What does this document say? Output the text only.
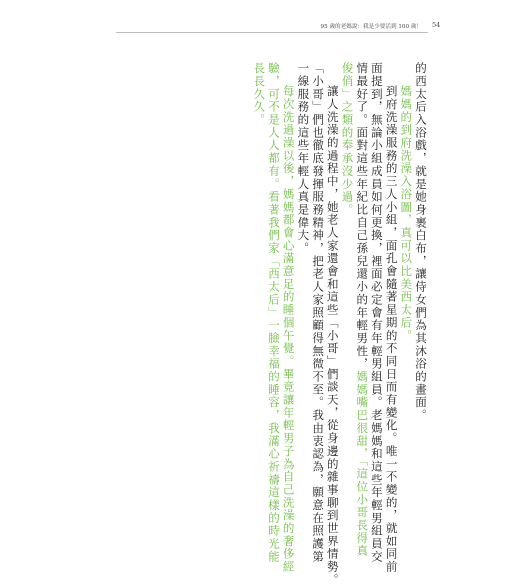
95 歲的老媽說：我是少要活到 100 歲！ 54
的西太后入浴戲，就是她身裹白布，讓侍女們為其沐浴的畫面。
媽媽的到府洗澡入浴圖，真可以比美西太后。
到府洗澡服務的三人小組，面孔會隨著星期的不同日而有變化。唯一不變的，就如同前
面提到，無論小組成員如何更換，裡面必定會有年輕男組員。老媽媽和這些年輕男組員交
情最好了。面對這些年紀比自己孫兒還小的年輕男性，媽媽嘴巴很甜，「這位小哥長得真
俊俏」之類的奉承沒少過。
讓人洗澡的過程中，她老人家還會和這些「小哥」們談天，從身邊的雜事聊到世界情勢。
「小哥」們也徹底發揮服務精神，把老人家照顧得無微不至。我由衷認為，願意在照護第
一線服務的這些年輕人真是偉大。
每次洗過澡以後，媽媽都會心滿意足的睡個午覺。畢竟讓年輕男子為自己洗澡的奢侈經
驗，可不是人人都有。看著我們家「西太后」一臉幸福的睡容，我滿心祈禱這樣的時光能
長長久久。
